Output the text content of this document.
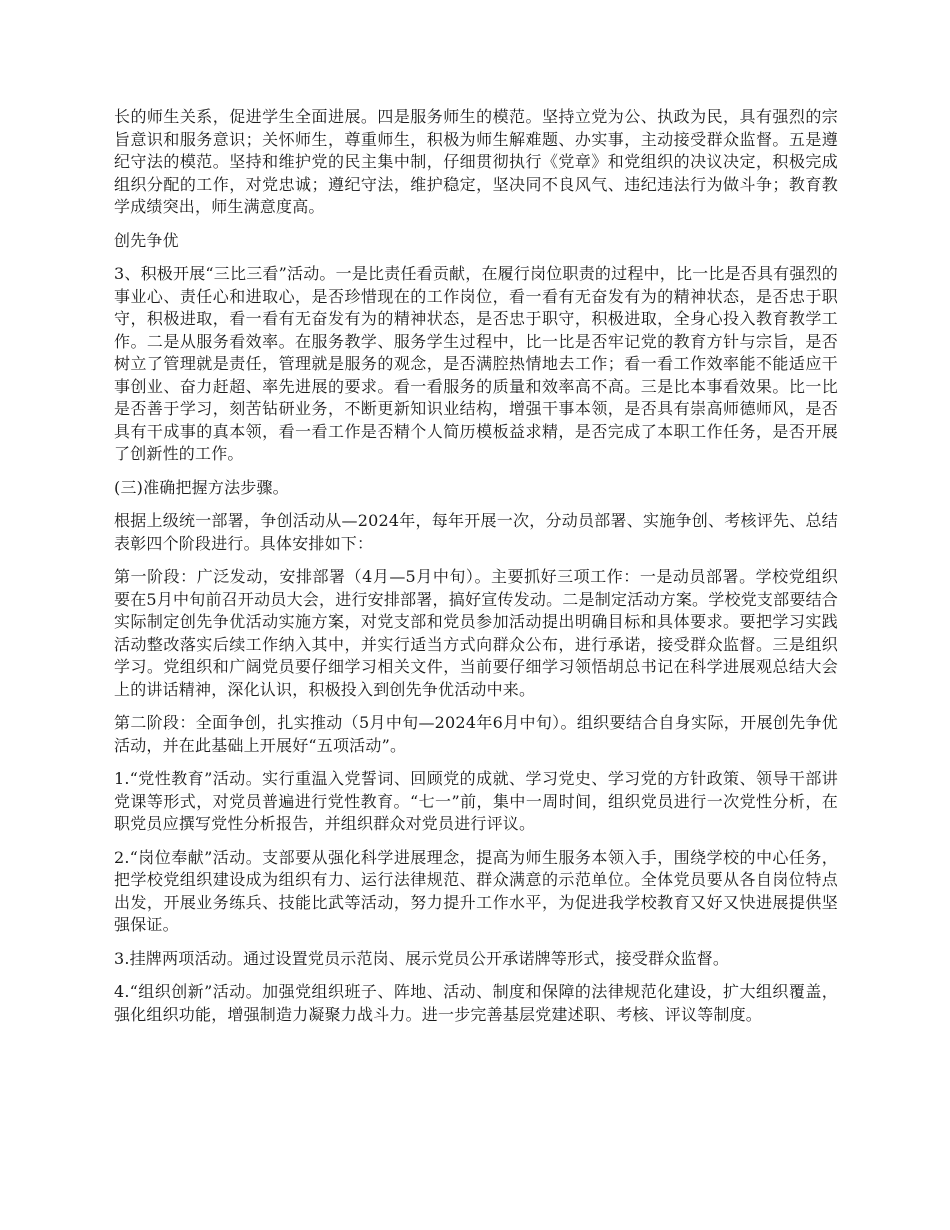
长的师生关系，促进学生全面进展。四是服务师生的模范。坚持立党为公、执政为民，具有强烈的宗旨意识和服务意识；关怀师生，尊重师生，积极为师生解难题、办实事，主动接受群众监督。五是遵纪守法的模范。坚持和维护党的民主集中制，仔细贯彻执行《党章》和党组织的决议决定，积极完成组织分配的工作，对党忠诚；遵纪守法，维护稳定，坚决同不良风气、违纪违法行为做斗争；教育教学成绩突出，师生满意度高。

创先争优

3、积极开展“三比三看”活动。一是比责任看贡献，在履行岗位职责的过程中，比一比是否具有强烈的事业心、责任心和进取心，是否珍惜现在的工作岗位，看一看有无奋发有为的精神状态，是否忠于职守，积极进取，看一看有无奋发有为的精神状态，是否忠于职守，积极进取，全身心投入教育教学工作。二是从服务看效率。在服务教学、服务学生过程中，比一比是否牢记党的教育方针与宗旨，是否树立了管理就是责任，管理就是服务的观念，是否满腔热情地去工作；看一看工作效率能不能适应干事创业、奋力赶超、率先进展的要求。看一看服务的质量和效率高不高。三是比本事看效果。比一比是否善于学习，刻苦钻研业务，不断更新知识业结构，增强干事本领，是否具有崇高师德师风，是否具有干成事的真本领，看一看工作是否精个人简历模板益求精，是否完成了本职工作任务，是否开展了创新性的工作。

(三)准确把握方法步骤。

根据上级统一部署，争创活动从—2024年，每年开展一次，分动员部署、实施争创、考核评先、总结表彰四个阶段进行。具体安排如下：

第一阶段：广泛发动，安排部署（4月—5月中旬）。主要抓好三项工作：一是动员部署。学校党组织要在5月中旬前召开动员大会，进行安排部署，搞好宣传发动。二是制定活动方案。学校党支部要结合实际制定创先争优活动实施方案，对党支部和党员参加活动提出明确目标和具体要求。要把学习实践活动整改落实后续工作纳入其中，并实行适当方式向群众公布，进行承诺，接受群众监督。三是组织学习。党组织和广阔党员要仔细学习相关文件，当前要仔细学习领悟胡总书记在科学进展观总结大会上的讲话精神，深化认识，积极投入到创先争优活动中来。

第二阶段：全面争创，扎实推动（5月中旬—2024年6月中旬）。组织要结合自身实际，开展创先争优活动，并在此基础上开展好“五项活动”。

1.“党性教育”活动。实行重温入党誓词、回顾党的成就、学习党史、学习党的方针政策、领导干部讲党课等形式，对党员普遍进行党性教育。“七一”前，集中一周时间，组织党员进行一次党性分析，在职党员应撰写党性分析报告，并组织群众对党员进行评议。

2.“岗位奉献”活动。支部要从强化科学进展理念，提高为师生服务本领入手，围绕学校的中心任务，把学校党组织建设成为组织有力、运行法律规范、群众满意的示范单位。全体党员要从各自岗位特点出发，开展业务练兵、技能比武等活动，努力提升工作水平，为促进我学校教育又好又快进展提供坚强保证。

3.挂牌两项活动。通过设置党员示范岗、展示党员公开承诺牌等形式，接受群众监督。

4.“组织创新”活动。加强党组织班子、阵地、活动、制度和保障的法律规范化建设，扩大组织覆盖，强化组织功能，增强制造力凝聚力战斗力。进一步完善基层党建述职、考核、评议等制度。
